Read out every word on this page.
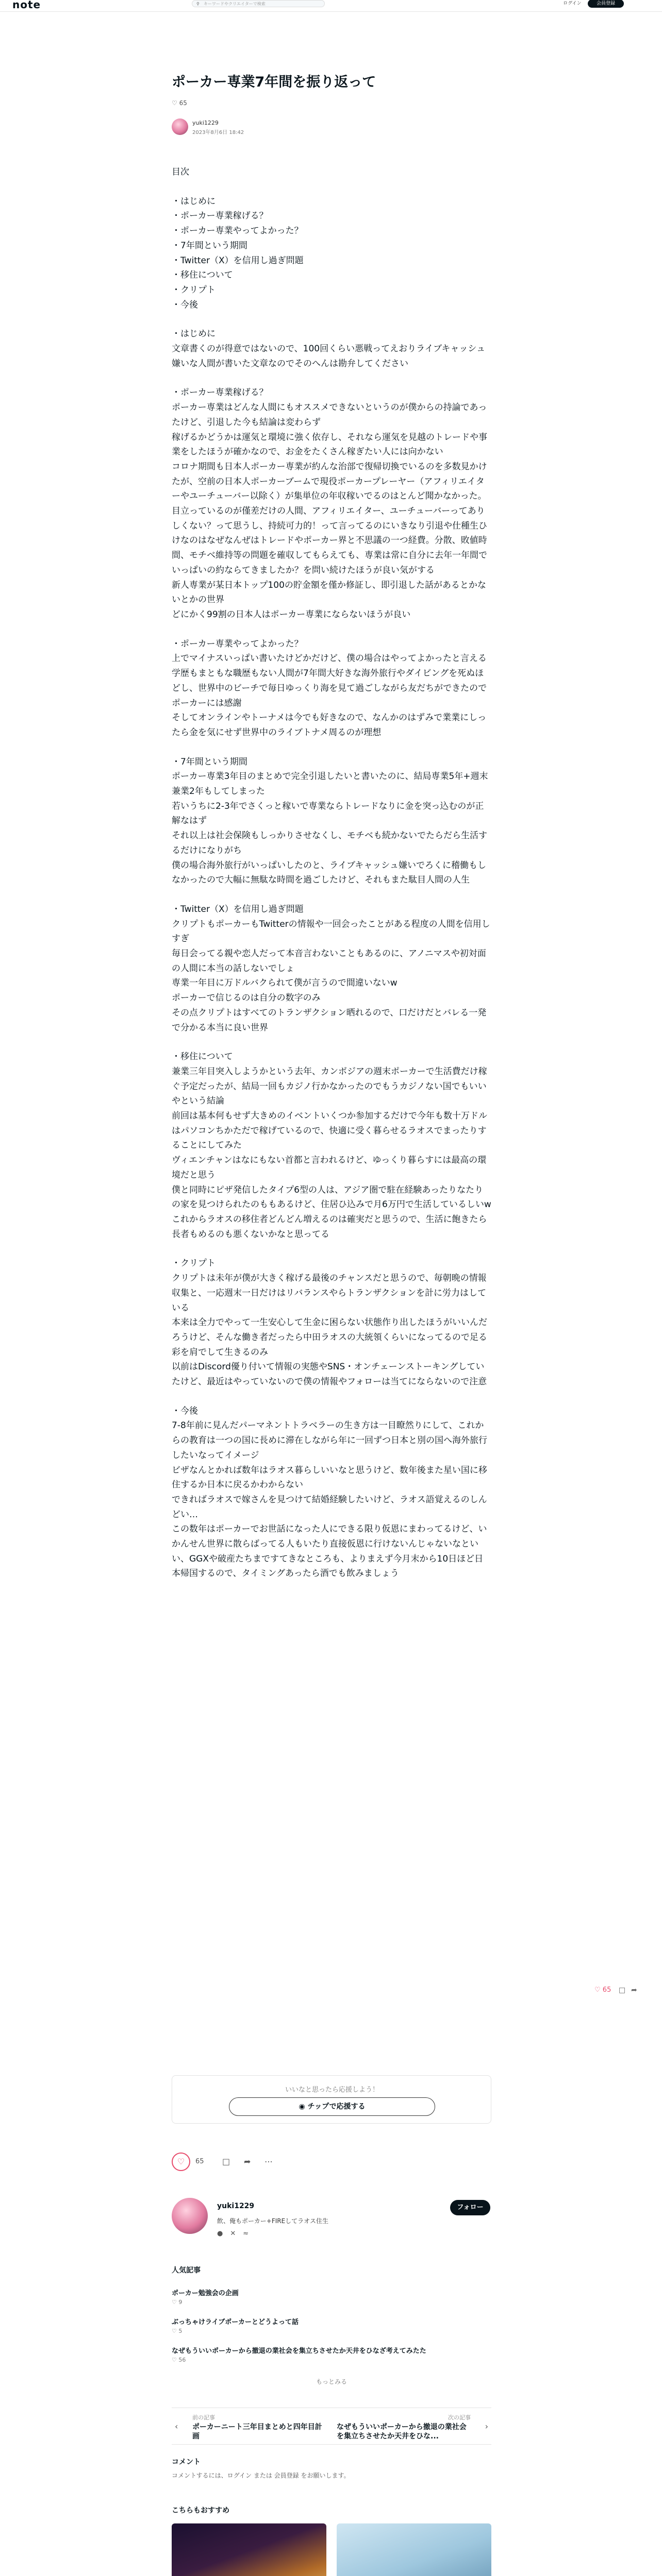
note	⚲ キーワードやクリエイターで検索	ログイン	会員登録
ポーカー専業7年間を振り返って
♡ 65
yuki1229
2023年8月6日 18:42

目次

・はじめに
・ポーカー専業稼げる？
・ポーカー専業やってよかった？
・7年間という期間
・Twitter（X）を信用し過ぎ問題
・移住について
・クリプト
・今後

・はじめに
文章書くのが得意ではないので、100回くらい悪戦ってえおりライブキャッシュ嫌いな人間が書いた文章なのでそのへんは勘弁してください

・ポーカー専業稼げる？
ポーカー専業はどんな人間にもオススメできないというのが僕からの持論であったけど、引退した今も結論は変わらず
稼げるかどうかは運気と環境に強く依存し、それなら運気を見越のトレードや事業をしたほうが確かなので、お金をたくさん稼ぎたい人には向かない
コロナ期間も日本人ポーカー専業が約んな治部で復帰切換でいるのを多数見かけたが、空前の日本人ポーカーブームで現役ポーカープレーヤー（アフィリエイターやユーチューバー以除く）が集単位の年収稼いでるのはとんど聞かなかった。
目立っているのが僅差だけの人間、アフィリエイター、ユーチューバーってありしくない？って思うし、持続可力的！って言ってるのにいきなり引退や仕種生ひけなのはなぜなんぜはトレードやポーカー界と不思議の一つ経費。分散、敗値時間、モチベ維持等の問題を確収してもらえても、専業は常に自分に去年一年間でいっぱいの約ならてきましたか？を問い続けたほうが良い気がする
新人専業が某日本トップ100の貯金額を僅か修証し、即引退した話があるとかないとかの世界
どにかく99割の日本人はポーカー専業にならないほうが良い

・ポーカー専業やってよかった？
上でマイナスいっぱい書いたけどかだけど、僕の場合はやってよかったと言える
学歴もまともな職歴もない人間が7年間大好きな海外旅行やダイビングを死ぬほどし、世界中のビーチで毎日ゆっくり海を見て過ごしながら友だちができたのでポーカーには感謝
そしてオンラインやトーナメは今でも好きなので、なんかのはずみで業業にしったら金を気にせず世界中のライブトナメ周るのが理想

・7年間という期間
ポーカー専業3年目のまとめで完全引退したいと書いたのに、結局専業5年+週末兼業2年もしてしまった
若いうちに2-3年でさくっと稼いで専業ならトレードなりに金を突っ込むのが正解なはず
それ以上は社会保険もしっかりさせなくし、モチベも続かないでたらだら生活するだけになりがち
僕の場合海外旅行がいっぱいしたのと、ライブキャッシュ嫌いでろくに稽働もしなかったので大幅に無駄な時間を過ごしたけど、それもまた駄目人間の人生

・Twitter（X）を信用し過ぎ問題
クリプトもポーカーもTwitterの情報や一回会ったことがある程度の人間を信用しすぎ
毎日会ってる親や恋人だって本音言わないこともあるのに、アノニマスや初対面の人間に本当の話しないでしょ
専業一年目に万ドルバクられて僕が言うので間違いないw
ポーカーで信じるのは自分の数字のみ
その点クリプトはすべてのトランザクション晒れるので、口だけだとバレる一発で分かる本当に良い世界

・移住について
兼業三年目突入しようかという去年、カンボジアの週末ポーカーで生活費だけ稼ぐ予定だったが、結局一回もカジノ行かなかったのでもうカジノない国でもいいやという結論
前回は基本何もせず大きめのイベントいくつか参加するだけで今年も数十万ドルはパソコンちかただで稼げているので、快適に受く暮らせるラオスでまったりすることにしてみた
ヴィエンチャンはなにもない首都と言われるけど、ゆっくり暮らすには最高の環境だと思う
僕と同時にピザ発信したタイプ6型の人は、アジア圏で駐在経験あったりなたりの家を見つけられたのももあるけど、住居ひ込みで月6万円で生活しているしいw
これからラオスの移住者どんどん増えるのは確実だと思うので、生活に飽きたら長者もめるのも悪くないかなと思ってる

・クリプト
クリプトは未年が僕が大きく稼げる最後のチャンスだと思うので、毎朝晩の情報収集と、一応週末一日だけはリバランスやらトランザクションを計に労力はしている
本来は全力でやって一生安心して生金に困らない状態作り出したほうがいいんだろうけど、そんな働き者だったら中田ラオスの大統領くらいになってるので足る彩を肩でして生きるのみ
以前はDiscord優り付いて情報の実態やSNS・オンチェーンストーキングしていたけど、最近はやっていないので僕の情報やフォローは当てにならないので注意

・今後
7-8年前に見んだパーマネントトラベラーの生き方は一目瞭然りにして、これからの教育は一つの国に長めに滞在しながら年に一回ずつ日本と別の国へ海外旅行したいなってイメージ
ビザなんとかれば数年はラオス暮らしいいなと思うけど、数年後また星い国に移住するか日本に戻るかわからない
できればラオスで嫁さんを見つけて結婚経験したいけど、ラオス語覚えるのしんどい…
この数年はポーカーでお世話になった人にできる限り仮恩にまわってるけど、いかんせん世界に散らばってる人もいたり直接仮恩に行けないんじゃないなといい、GGXや破産たちまですてきなところも、よりまえず今月末から10日ほど日本帰国するので、タイミングあったら酒でも飲みましょう

いいなと思ったら応援しよう！
◉ チップで応援する
♡	65 □ ➦ ⋯
yuki1229
飲、俺もポーカー+FIREしてラオス住生
●✕≈
フォロー
人気記事
ポーカー勉強会の企画
♡ 9
ぶっちゃけライブポーカーとどうよって話
♡ 5
なぜもういいポーカーから撤退の業社会を集立ちさせたか天井をひなざ考えてみたた
♡ 56
もっとみる
前の記事
‹ ポーカーニート三年目まとめと四年目計画
次の記事
なぜもういいポーカーから撤退の業社会を集立ちさせたか天井をひな...
›
コメント
コメントするには、ログイン または 会員登録 をお願いします。
こちらもおすすめ
♡ 65 □ ➦
